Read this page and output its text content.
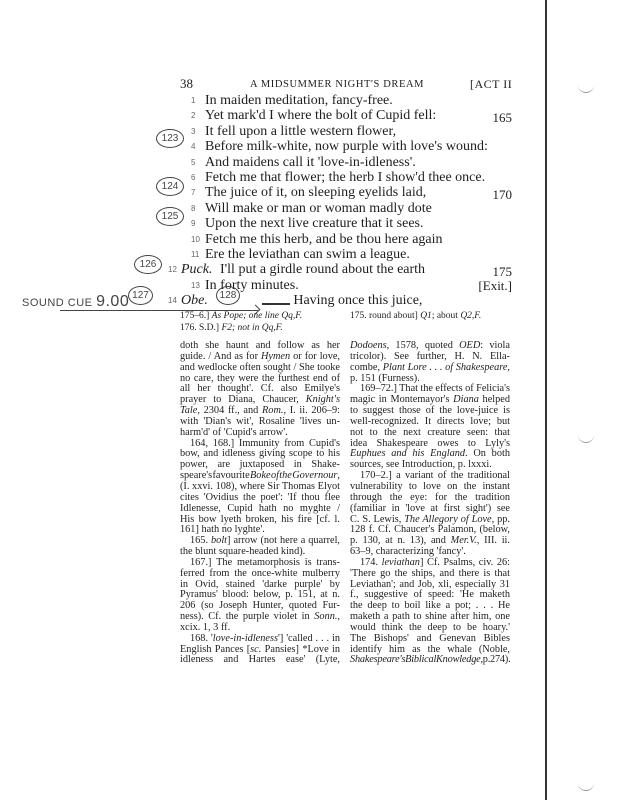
38	A MIDSUMMER NIGHT'S DREAM	[ACT II
1 In maiden meditation, fancy-free.
2 Yet mark'd I where the bolt of Cupid fell:	165
3 It fell upon a little western flower,
4 Before milk-white, now purple with love's wound:
5 And maidens call it 'love-in-idleness'.
6 Fetch me that flower; the herb I show'd thee once.
7 The juice of it, on sleeping eyelids laid,	170
8 Will make or man or woman madly dote
9 Upon the next live creature that it sees.
10 Fetch me this herb, and be thou here again
11 Ere the leviathan can swim a league.
12 Puck. I'll put a girdle round about the earth	175
13 In forty minutes.	[Exit.]
14 Obe.	Having once this juice,
123
124
125
126
127	128
SOUND CUE 9.00
175–6.] As Pope; one line Qq,F.
176. S.D.] F2; not in Qq,F.
175. round about] Q1; about Q2,F.
doth she haunt and follow as her
guide. / And as for Hymen or for love,
and wedlocke often sought / She tooke
no care, they were the furthest end of
all her thought'. Cf. also Emilye's
prayer to Diana, Chaucer, Knight's
Tale, 2304 ff., and Rom., I. ii. 206–9:
with 'Dian's wit', Rosaline 'lives un-
harm'd' of 'Cupid's arrow'.
164, 168.] Immunity from Cupid's
bow, and idleness giving scope to his
power, are juxtaposed in Shake-
speare's favourite Boke of the Governour,
(I. xxvi. 108), where Sir Thomas Elyot
cites 'Ovidius the poet': 'If thou flee
Idlenesse, Cupid hath no myghte /
His bow lyeth broken, his fire [cf. l.
161] hath no lyghte'.
165. bolt] arrow (not here a quarrel,
the blunt square-headed kind).
167.] The metamorphosis is trans-
ferred from the once-white mulberry
in Ovid, stained 'darke purple' by
Pyramus' blood: below, p. 151, at n.
206 (so Joseph Hunter, quoted Fur-
ness). Cf. the purple violet in Sonn.,
xcix. 1, 3 ff.
168. 'love-in-idleness'] 'called . . . in
English Pances [sc. Pansies] *Love in
idleness and Hartes ease' (Lyte,
Dodoens, 1578, quoted OED: viola
tricolor). See further, H. N. Ella-
combe, Plant Lore . . . of Shakespeare,
p. 151 (Furness).
169–72.] That the effects of Felicia's
magic in Montemayor's Diana helped
to suggest those of the love-juice is
well-recognized. It directs love; but
not to the next creature seen: that
idea Shakespeare owes to Lyly's
Euphues and his England. On both
sources, see Introduction, p. lxxxi.
170–2.] a variant of the traditional
vulnerability to love on the instant
through the eye: for the tradition
(familiar in 'love at first sight') see
C. S. Lewis, The Allegory of Love, pp.
128 f. Cf. Chaucer's Palamon, (below,
p. 130, at n. 13), and Mer.V., III. ii.
63–9, characterizing 'fancy'.
174. leviathan] Cf. Psalms, civ. 26:
'There go the ships, and there is that
Leviathan'; and Job, xli, especially 31
f., suggestive of speed: 'He maketh
the deep to boil like a pot; . . . He
maketh a path to shine after him, one
would think the deep to be hoary.'
The Bishops' and Genevan Bibles
identify him as the whale (Noble,
Shakespeare's Biblical Knowledge, p. 274).
